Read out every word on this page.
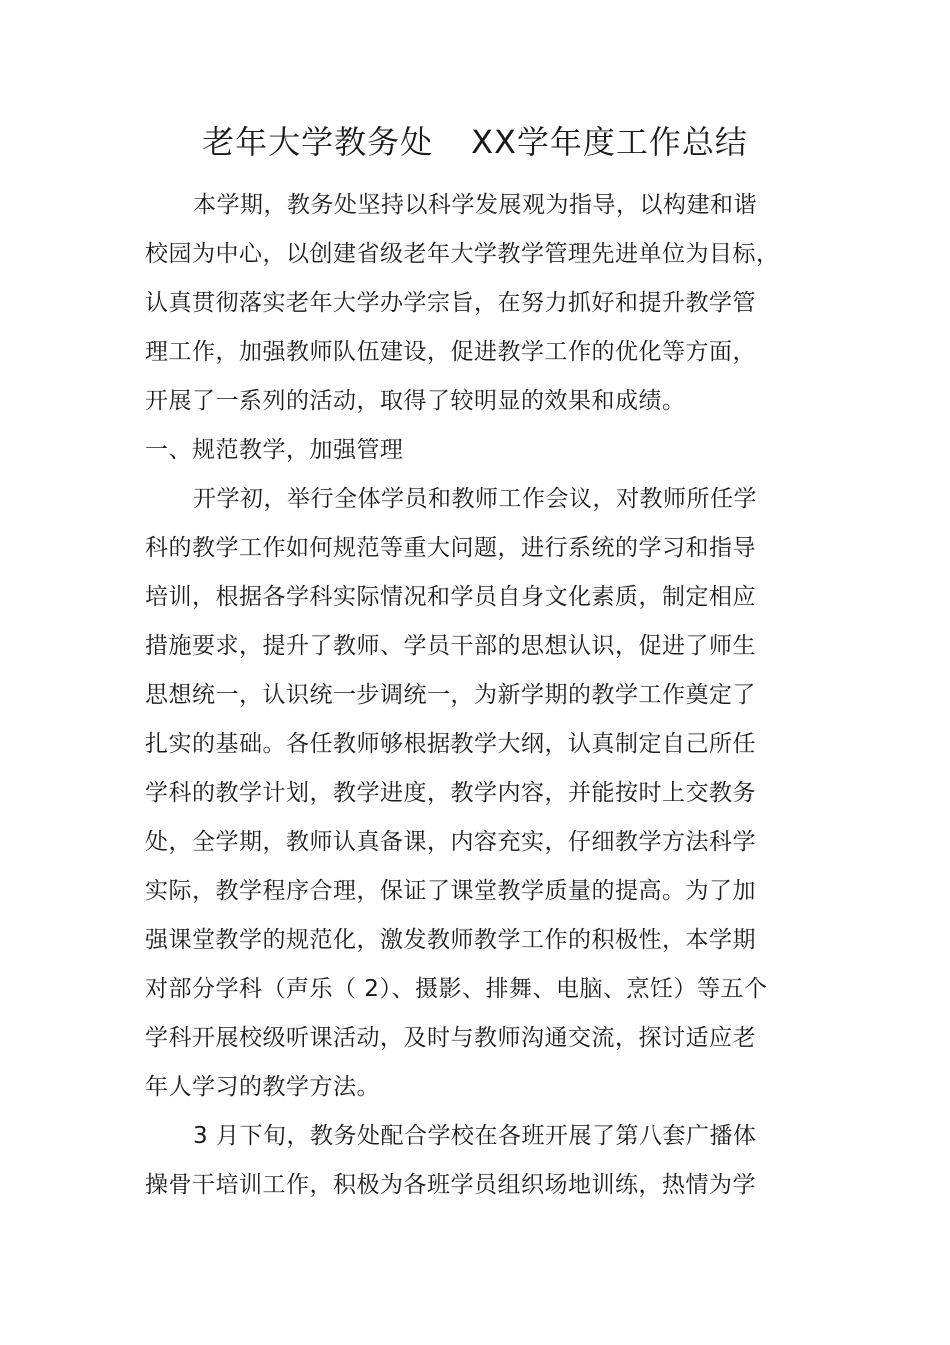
老年大学教务处 XX学年度工作总结
本学期，教务处坚持以科学发展观为指导，以构建和谐
校园为中心，以创建省级老年大学教学管理先进单位为目标，
认真贯彻落实老年大学办学宗旨，在努力抓好和提升教学管
理工作，加强教师队伍建设，促进教学工作的优化等方面，
开展了一系列的活动，取得了较明显的效果和成绩。
一、规范教学，加强管理
开学初，举行全体学员和教师工作会议，对教师所任学
科的教学工作如何规范等重大问题，进行系统的学习和指导
培训，根据各学科实际情况和学员自身文化素质，制定相应
措施要求，提升了教师、学员干部的思想认识，促进了师生
思想统一，认识统一步调统一，为新学期的教学工作奠定了
扎实的基础。各任教师够根据教学大纲，认真制定自己所任
学科的教学计划，教学进度，教学内容，并能按时上交教务
处，全学期，教师认真备课，内容充实，仔细教学方法科学
实际，教学程序合理，保证了课堂教学质量的提高。为了加
强课堂教学的规范化，激发教师教学工作的积极性，本学期
对部分学科（声乐（ 2）、摄影、排舞、电脑、烹饪）等五个
学科开展校级听课活动，及时与教师沟通交流，探讨适应老
年人学习的教学方法。
3 月下旬，教务处配合学校在各班开展了第八套广播体
操骨干培训工作，积极为各班学员组织场地训练，热情为学
